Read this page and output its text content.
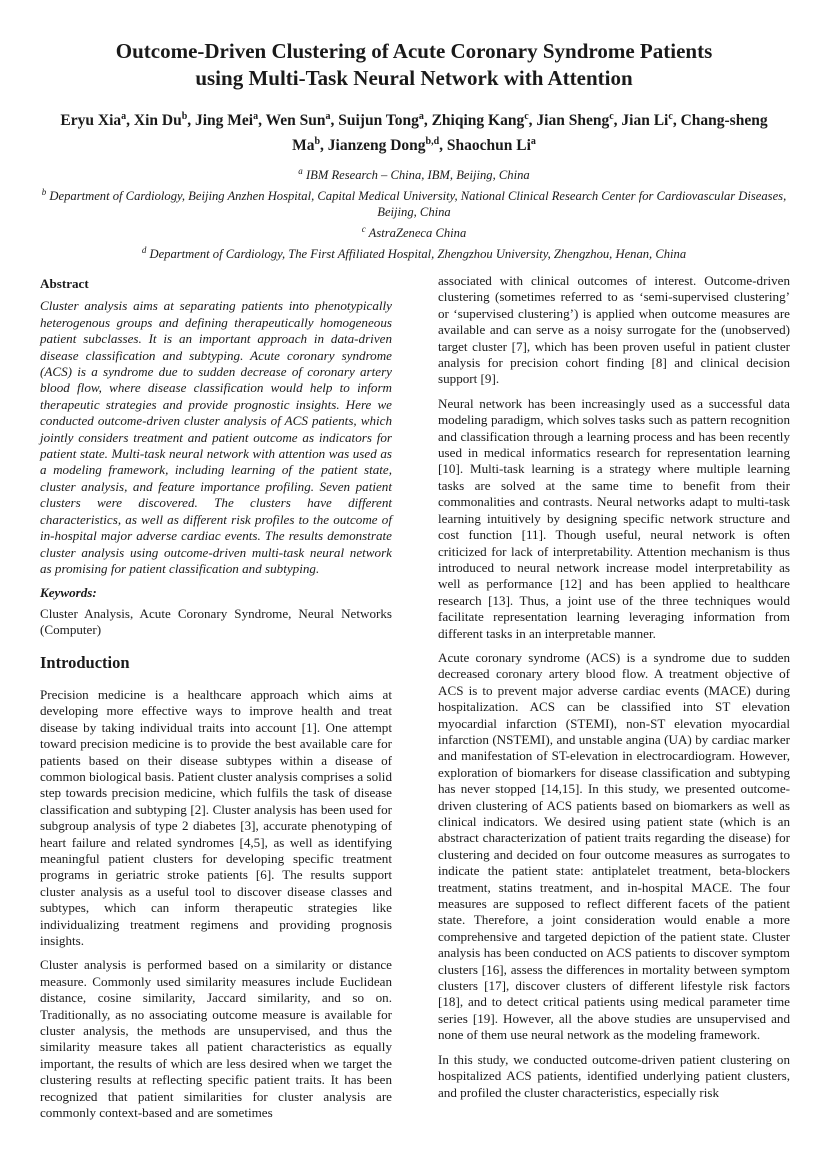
Outcome-Driven Clustering of Acute Coronary Syndrome Patients
using Multi-Task Neural Network with Attention
Eryu Xia$^a$, Xin Du$^b$, Jing Mei$^a$, Wen Sun$^a$, Suijun Tong$^a$, Zhiqing Kang$^c$, Jian Sheng$^c$, Jian Li$^c$, Chang-sheng Ma$^b$, Jianzeng Dong$^{b,d}$, Shaochun Li$^a$
$^a$ IBM Research – China, IBM, Beijing, China
$^b$ Department of Cardiology, Beijing Anzhen Hospital, Capital Medical University, National Clinical Research Center for Cardiovascular Diseases, Beijing, China
$^c$ AstraZeneca China
$^d$ Department of Cardiology, The First Affiliated Hospital, Zhengzhou University, Zhengzhou, Henan, China
Abstract

Cluster analysis aims at separating patients into phenotypically heterogenous groups and defining therapeutically homogeneous patient subclasses. It is an important approach in data-driven disease classification and subtyping. Acute coronary syndrome (ACS) is a syndrome due to sudden decrease of coronary artery blood flow, where disease classification would help to inform therapeutic strategies and provide prognostic insights. Here we conducted outcome-driven cluster analysis of ACS patients, which jointly considers treatment and patient outcome as indicators for patient state. Multi-task neural network with attention was used as a modeling framework, including learning of the patient state, cluster analysis, and feature importance profiling. Seven patient clusters were discovered. The clusters have different characteristics, as well as different risk profiles to the outcome of in-hospital major adverse cardiac events. The results demonstrate cluster analysis using outcome-driven multi-task neural network as promising for patient classification and subtyping.

Keywords:

Cluster Analysis, Acute Coronary Syndrome, Neural Networks (Computer)

Introduction

Precision medicine is a healthcare approach which aims at developing more effective ways to improve health and treat disease by taking individual traits into account [1]. One attempt toward precision medicine is to provide the best available care for patients based on their disease subtypes within a disease of common biological basis. Patient cluster analysis comprises a solid step towards precision medicine, which fulfils the task of disease classification and subtyping [2]. Cluster analysis has been used for subgroup analysis of type 2 diabetes [3], accurate phenotyping of heart failure and related syndromes [4,5], as well as identifying meaningful patient clusters for developing specific treatment programs in geriatric stroke patients [6]. The results support cluster analysis as a useful tool to discover disease classes and subtypes, which can inform therapeutic strategies like individualizing treatment regimens and providing prognosis insights.

Cluster analysis is performed based on a similarity or distance measure. Commonly used similarity measures include Euclidean distance, cosine similarity, Jaccard similarity, and so on. Traditionally, as no associating outcome measure is available for cluster analysis, the methods are unsupervised, and thus the similarity measure takes all patient characteristics as equally important, the results of which are less desired when we target the clustering results at reflecting specific patient traits. It has been recognized that patient similarities for cluster analysis are commonly context-based and are sometimes

associated with clinical outcomes of interest. Outcome-driven clustering (sometimes referred to as ‘semi-supervised clustering’ or ‘supervised clustering’) is applied when outcome measures are available and can serve as a noisy surrogate for the (unobserved) target cluster [7], which has been proven useful in patient cluster analysis for precision cohort finding [8] and clinical decision support [9].

Neural network has been increasingly used as a successful data modeling paradigm, which solves tasks such as pattern recognition and classification through a learning process and has been recently used in medical informatics research for representation learning [10]. Multi-task learning is a strategy where multiple learning tasks are solved at the same time to benefit from their commonalities and contrasts. Neural networks adapt to multi-task learning intuitively by designing specific network structure and cost function [11]. Though useful, neural network is often criticized for lack of interpretability. Attention mechanism is thus introduced to neural network increase model interpretability as well as performance [12] and has been applied to healthcare research [13]. Thus, a joint use of the three techniques would facilitate representation learning leveraging information from different tasks in an interpretable manner.

Acute coronary syndrome (ACS) is a syndrome due to sudden decreased coronary artery blood flow. A treatment objective of ACS is to prevent major adverse cardiac events (MACE) during hospitalization. ACS can be classified into ST elevation myocardial infarction (STEMI), non-ST elevation myocardial infarction (NSTEMI), and unstable angina (UA) by cardiac marker and manifestation of ST-elevation in electrocardiogram. However, exploration of biomarkers for disease classification and subtyping has never stopped [14,15]. In this study, we presented outcome-driven clustering of ACS patients based on biomarkers as well as clinical indicators. We desired using patient state (which is an abstract characterization of patient traits regarding the disease) for clustering and decided on four outcome measures as surrogates to indicate the patient state: antiplatelet treatment, beta-blockers treatment, statins treatment, and in-hospital MACE. The four measures are supposed to reflect different facets of the patient state. Therefore, a joint consideration would enable a more comprehensive and targeted depiction of the patient state. Cluster analysis has been conducted on ACS patients to discover symptom clusters [16], assess the differences in mortality between symptom clusters [17], discover clusters of different lifestyle risk factors [18], and to detect critical patients using medical parameter time series [19]. However, all the above studies are unsupervised and none of them use neural network as the modeling framework.

In this study, we conducted outcome-driven patient clustering on hospitalized ACS patients, identified underlying patient clusters, and profiled the cluster characteristics, especially risk
